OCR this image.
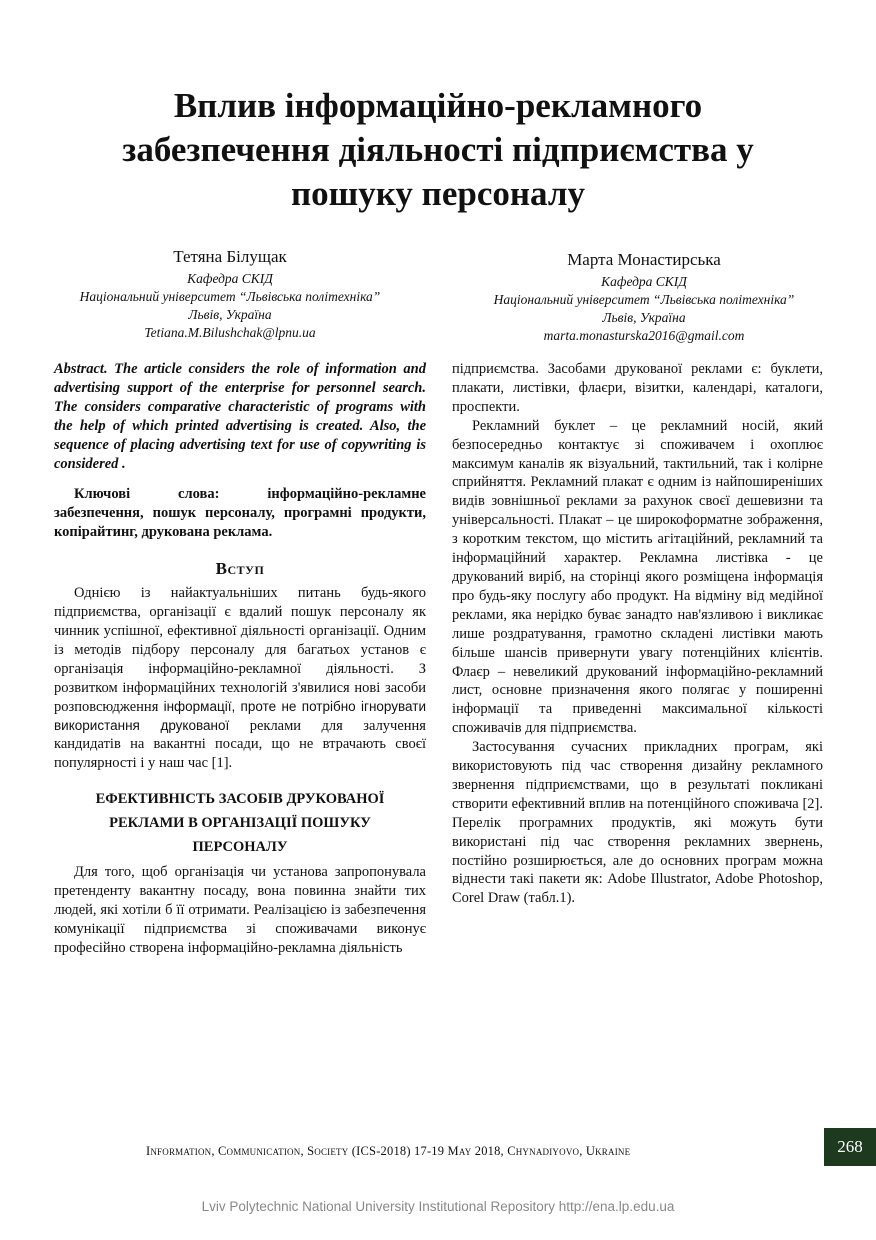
Вплив інформаційно-рекламного
забезпечення діяльності підприємства у
пошуку персоналу
Тетяна Білущак
Кафедра СКІД
Національний університет “Львівська політехніка”
Львів, Україна
Tetiana.M.Bilushchak@lpnu.ua
Марта Монастирська
Кафедра СКІД
Національний університет “Львівська політехніка”
Львів, Україна
marta.monasturska2016@gmail.com

Abstract. The article considers the role of information and advertising support of the enterprise for personnel search. The considers comparative characteristic of programs with the help of which printed advertising is created. Also, the sequence of placing advertising text for use of copywriting is considered .

Ключові слова: інформаційно-рекламне забезпечення, пошук персоналу, програмні продукти, копірайтинг, друкована реклама.

Вступ

Однією із найактуальніших питань будь-якого підприємства, організації є вдалий пошук персоналу як чинник успішної, ефективної діяльності організації. Одним із методів підбору персоналу для багатьох установ є організація інформаційно-рекламної діяльності. З розвитком інформаційних технологій з'явилися нові засоби розповсюдження інформації, проте не потрібно ігнорувати використання друкованої реклами для залучення кандидатів на вакантні посади, що не втрачають своєї популярності і у наш час [1].

ЕФЕКТИВНІСТЬ ЗАСОБІВ ДРУКОВАНОЇ
РЕКЛАМИ В ОРГАНІЗАЦІЇ ПОШУКУ
ПЕРСОНАЛУ

Для того, щоб організація чи установа запропонувала претенденту вакантну посаду, вона повинна знайти тих людей, які хотіли б її отримати. Реалізацією із забезпечення комунікації підприємства зі споживачами виконує професійно створена інформаційно-рекламна діяльність

підприємства. Засобами друкованої реклами є: буклети, плакати, листівки, флаєри, візитки, календарі, каталоги, проспекти.

Рекламний буклет – це рекламний носій, який безпосередньо контактує зі споживачем і охоплює максимум каналів як візуальний, тактильний, так і колірне сприйняття. Рекламний плакат є одним із найпоширеніших видів зовнішньої реклами за рахунок своєї дешевизни та універсальності. Плакат – це широкоформатне зображення, з коротким текстом, що містить агітаційний, рекламний та інформаційний характер. Рекламна листівка - це друкований виріб, на сторінці якого розміщена інформація про будь-яку послугу або продукт. На відміну від медійної реклами, яка нерідко буває занадто нав'язливою і викликає лише роздратування, грамотно складені листівки мають більше шансів привернути увагу потенційних клієнтів. Флаєр – невеликий друкований інформаційно-рекламний лист, основне призначення якого полягає у поширенні інформації та приведенні максимальної кількості споживачів для підприємства.

Застосування сучасних прикладних програм, які використовують під час створення дизайну рекламного звернення підприємствами, що в результаті покликані створити ефективний вплив на потенційного споживача [2]. Перелік програмних продуктів, які можуть бути використані під час створення рекламних звернень, постійно розширюється, але до основних програм можна віднести такі пакети як: Adobe Illustrator, Adobe Photoshop, Corel Draw (табл.1).

Information, Communication, Society (ICS-2018) 17-19 May 2018, Chynadiyovo, Ukraine	268
Lviv Polytechnic National University Institutional Repository http://ena.lp.edu.ua
